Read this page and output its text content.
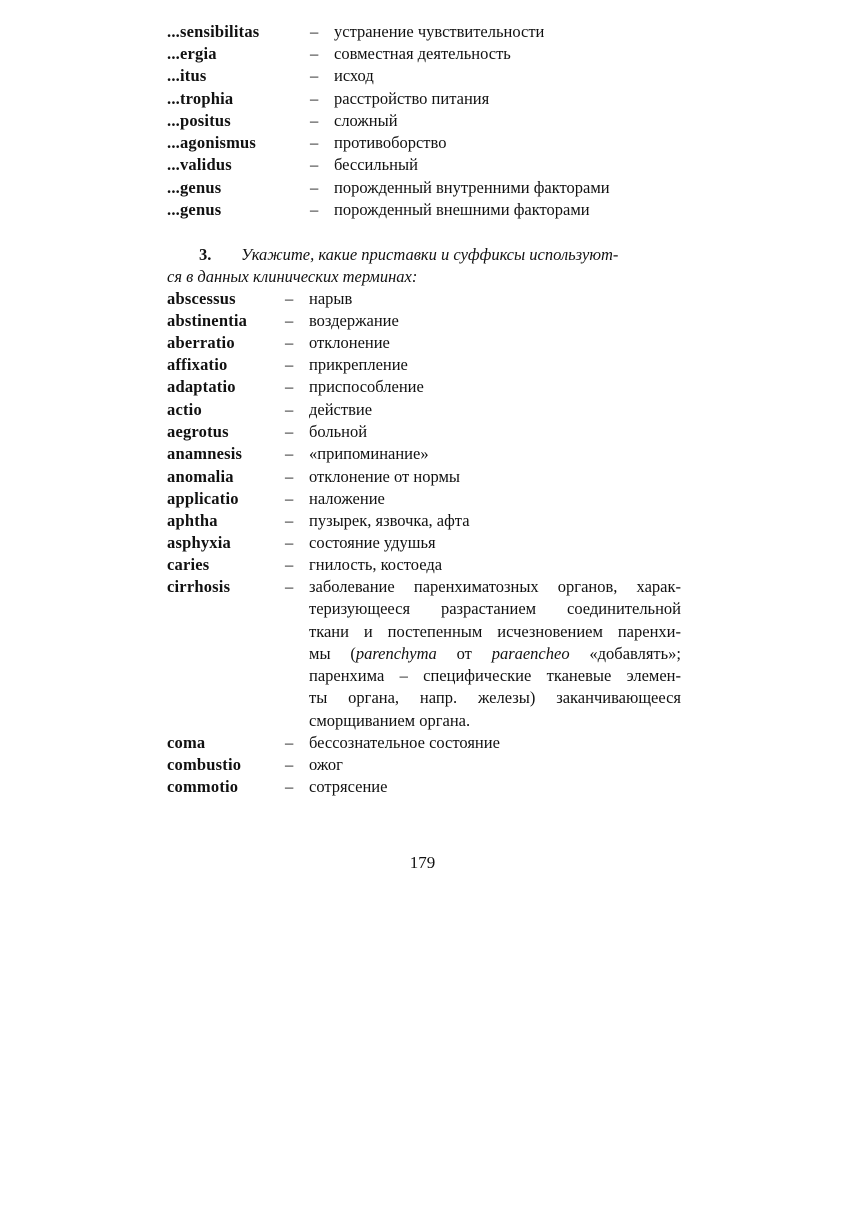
...sensibilitas	– устранение чувствительности
...ergia	– совместная деятельность
...itus	– исход
...trophia	– расстройство питания
...positus	– сложный
...agonismus	– противоборство
...validus	– бессильный
...genus	– порожденный внутренними факторами
...genus	– порожденный внешними факторами
3. Укажите, какие приставки и суффиксы используют-
ся в данных клинических терминах:
abscessus	– нарыв
abstinentia – воздержание
aberratio	– отклонение
affixatio	– прикрепление
adaptatio	– приспособление
actio	– действие
aegrotus	– больной
anamnesis	– «припоминание»
anomalia	– отклонение от нормы
applicatio	– наложение
aphtha	– пузырек, язвочка, афта
asphyxia	– состояние удушья
caries	– гнилость, костоеда
cirrhosis	– заболевание паренхиматозных органов, харак-
теризующееся разрастанием соединительной
ткани и постепенным исчезновением паренхи-
мы (parenchyma от paraencheo «добавлять»;
паренхима – специфические тканевые элемен-
ты органа, напр. железы) заканчивающееся
сморщиванием органа.
coma	– бессознательное состояние
combustio	– ожог
commotio	– сотрясение
179
